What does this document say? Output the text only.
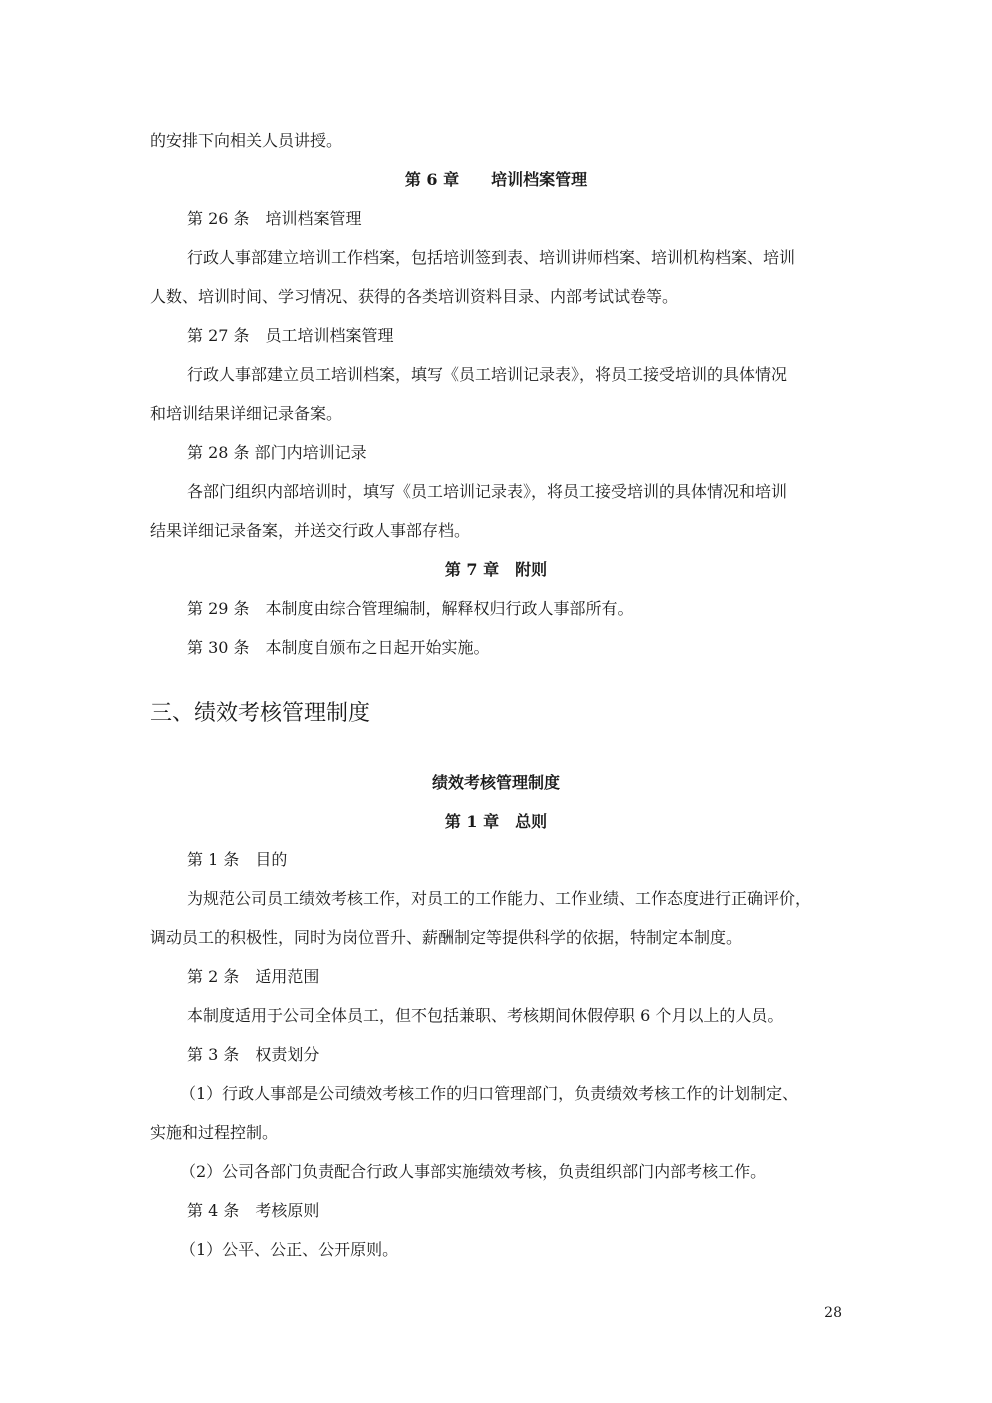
的安排下向相关人员讲授。
第 6 章　　培训档案管理
第 26 条　培训档案管理
行政人事部建立培训工作档案，包括培训签到表、培训讲师档案、培训机构档案、培训
人数、培训时间、学习情况、获得的各类培训资料目录、内部考试试卷等。
第 27 条　员工培训档案管理
行政人事部建立员工培训档案，填写《员工培训记录表》，将员工接受培训的具体情况
和培训结果详细记录备案。
第 28 条 部门内培训记录
各部门组织内部培训时，填写《员工培训记录表》，将员工接受培训的具体情况和培训
结果详细记录备案，并送交行政人事部存档。
第 7 章　附则
第 29 条　本制度由综合管理编制，解释权归行政人事部所有。
第 30 条　本制度自颁布之日起开始实施。
三、绩效考核管理制度
绩效考核管理制度
第 1 章　总则
第 1 条　目的
为规范公司员工绩效考核工作，对员工的工作能力、工作业绩、工作态度进行正确评价，
调动员工的积极性，同时为岗位晋升、薪酬制定等提供科学的依据，特制定本制度。
第 2 条　适用范围
本制度适用于公司全体员工，但不包括兼职、考核期间休假停职 6 个月以上的人员。
第 3 条　权责划分
（1）行政人事部是公司绩效考核工作的归口管理部门，负责绩效考核工作的计划制定、
实施和过程控制。
（2）公司各部门负责配合行政人事部实施绩效考核，负责组织部门内部考核工作。
第 4 条　考核原则
（1）公平、公正、公开原则。
28
